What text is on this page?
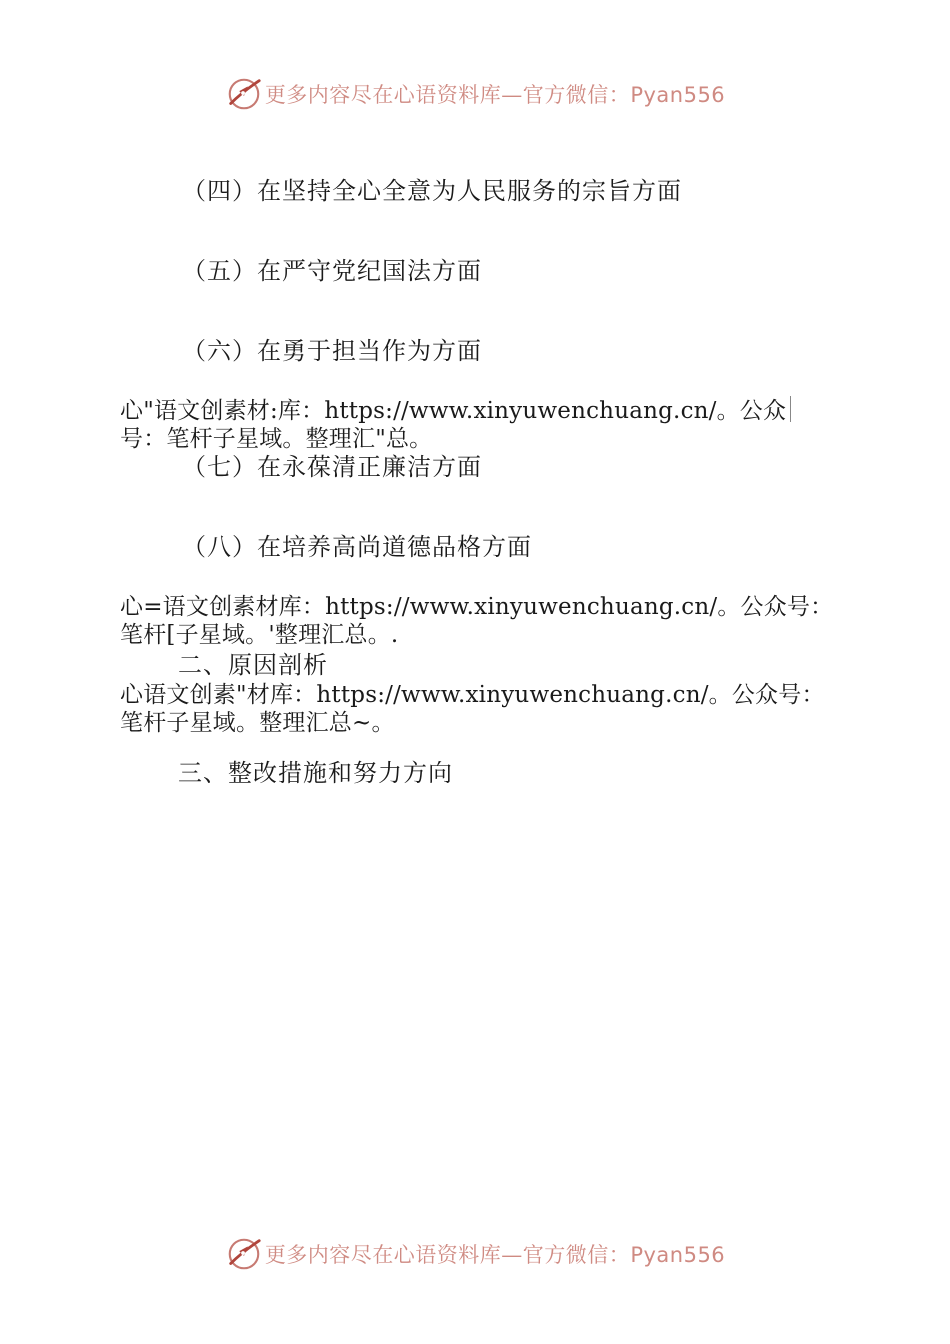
更多内容尽在心语资料库—官方微信：Pyan556
（四）在坚持全心全意为人民服务的宗旨方面
（五）在严守党纪国法方面
（六）在勇于担当作为方面
心"语文创素材:库：https://www.xinyuwenchuang.cn/。公众
号：笔杆子星域。整理汇"总。
（七）在永葆清正廉洁方面
（八）在培养高尚道德品格方面
心=语文创素材库：https://www.xinyuwenchuang.cn/。公众号：
笔杆[子星域。'整理汇总。.
二、原因剖析
心语文创素"材库：https://www.xinyuwenchuang.cn/。公众号：
笔杆子星域。整理汇总~。
三、整改措施和努力方向
更多内容尽在心语资料库—官方微信：Pyan556
